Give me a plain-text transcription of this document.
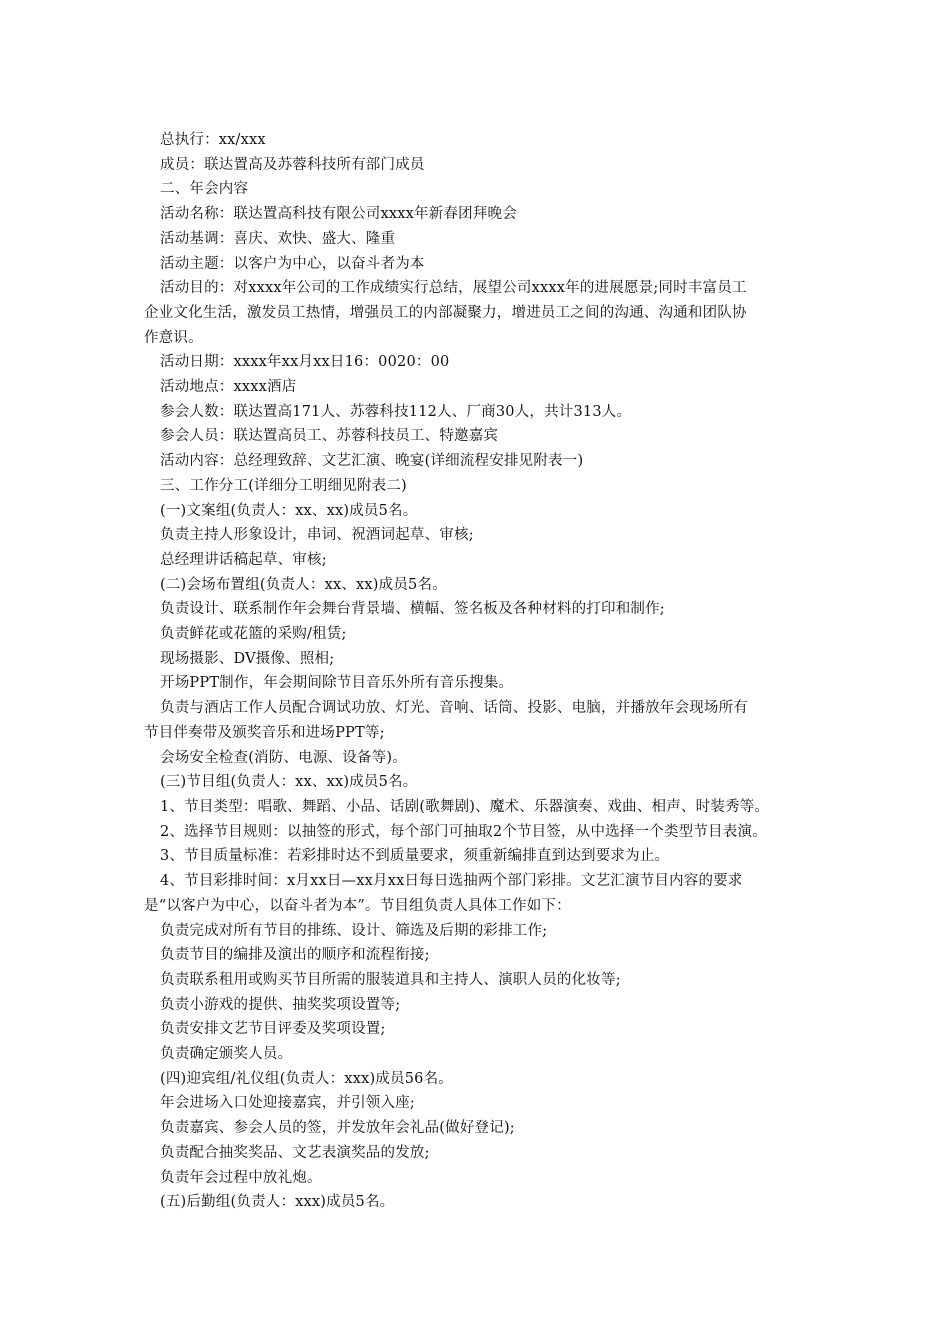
总执行：xx/xxx
成员：联达置高及苏蓉科技所有部门成员
二、年会内容
活动名称：联达置高科技有限公司xxxx年新春团拜晚会
活动基调：喜庆、欢快、盛大、隆重
活动主题：以客户为中心，以奋斗者为本
活动目的：对xxxx年公司的工作成绩实行总结，展望公司xxxx年的进展愿景;同时丰富员工
企业文化生活，激发员工热情，增强员工的内部凝聚力，增进员工之间的沟通、沟通和团队协
作意识。
活动日期：xxxx年xx月xx日16：0020：00
活动地点：xxxx酒店
参会人数：联达置高171人、苏蓉科技112人、厂商30人，共计313人。
参会人员：联达置高员工、苏蓉科技员工、特邀嘉宾
活动内容：总经理致辞、文艺汇演、晚宴(详细流程安排见附表一)
三、工作分工(详细分工明细见附表二)
(一)文案组(负责人：xx、xx)成员5名。
负责主持人形象设计，串词、祝酒词起草、审核;
总经理讲话稿起草、审核;
(二)会场布置组(负责人：xx、xx)成员5名。
负责设计、联系制作年会舞台背景墙、横幅、签名板及各种材料的打印和制作;
负责鲜花或花篮的采购/租赁;
现场摄影、DV摄像、照相;
开场PPT制作，年会期间除节目音乐外所有音乐搜集。
负责与酒店工作人员配合调试功放、灯光、音响、话筒、投影、电脑，并播放年会现场所有
节目伴奏带及颁奖音乐和进场PPT等;
会场安全检查(消防、电源、设备等)。
(三)节目组(负责人：xx、xx)成员5名。
1、节目类型：唱歌、舞蹈、小品、话剧(歌舞剧)、魔术、乐器演奏、戏曲、相声、时装秀等。
2、选择节目规则：以抽签的形式，每个部门可抽取2个节目签，从中选择一个类型节目表演。
3、节目质量标准：若彩排时达不到质量要求，须重新编排直到达到要求为止。
4、节目彩排时间：x月xx日—xx月xx日每日选抽两个部门彩排。文艺汇演节目内容的要求
是“以客户为中心，以奋斗者为本”。节目组负责人具体工作如下：
负责完成对所有节目的排练、设计、筛选及后期的彩排工作;
负责节目的编排及演出的顺序和流程衔接;
负责联系租用或购买节目所需的服装道具和主持人、演职人员的化妆等;
负责小游戏的提供、抽奖奖项设置等;
负责安排文艺节目评委及奖项设置;
负责确定颁奖人员。
(四)迎宾组/礼仪组(负责人：xxx)成员56名。
年会进场入口处迎接嘉宾，并引领入座;
负责嘉宾、参会人员的签，并发放年会礼品(做好登记);
负责配合抽奖奖品、文艺表演奖品的发放;
负责年会过程中放礼炮。
(五)后勤组(负责人：xxx)成员5名。
